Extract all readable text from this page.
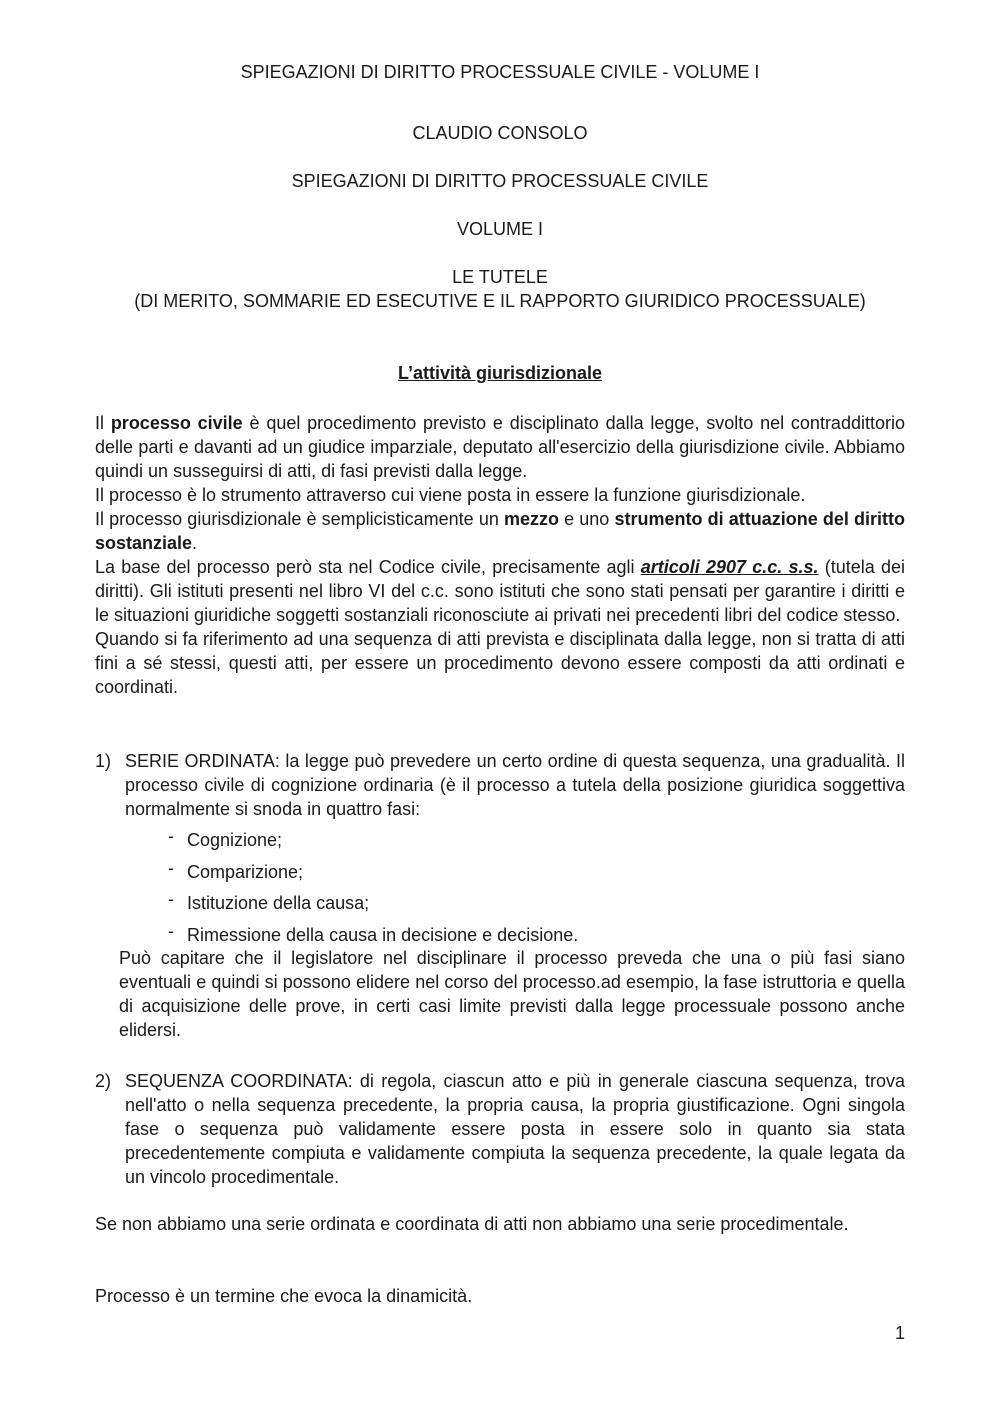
SPIEGAZIONI DI DIRITTO PROCESSUALE CIVILE - VOLUME I
CLAUDIO CONSOLO
SPIEGAZIONI DI DIRITTO PROCESSUALE CIVILE
VOLUME I
LE TUTELE
(DI MERITO, SOMMARIE ED ESECUTIVE E IL RAPPORTO GIURIDICO PROCESSUALE)
L’attività giurisdizionale

Il processo civile è quel procedimento previsto e disciplinato dalla legge, svolto nel contraddittorio delle parti e davanti ad un giudice imparziale, deputato all'esercizio della giurisdizione civile. Abbiamo quindi un susseguirsi di atti, di fasi previsti dalla legge.

Il processo è lo strumento attraverso cui viene posta in essere la funzione giurisdizionale.

Il processo giurisdizionale è semplicisticamente un mezzo e uno strumento di attuazione del diritto sostanziale.

La base del processo però sta nel Codice civile, precisamente agli articoli 2907 c.c. s.s. (tutela dei diritti). Gli istituti presenti nel libro VI del c.c. sono istituti che sono stati pensati per garantire i diritti e le situazioni giuridiche soggetti sostanziali riconosciute ai privati nei precedenti libri del codice stesso.

Quando si fa riferimento ad una sequenza di atti prevista e disciplinata dalla legge, non si tratta di atti fini a sé stessi, questi atti, per essere un procedimento devono essere composti da atti ordinati e coordinati.

1) SERIE ORDINATA: la legge può prevedere un certo ordine di questa sequenza, una gradualità. Il processo civile di cognizione ordinaria (è il processo a tutela della posizione giuridica soggettiva normalmente si snoda in quattro fasi:

- Cognizione;
- Comparizione;
- Istituzione della causa;
- Rimessione della causa in decisione e decisione.

Può capitare che il legislatore nel disciplinare il processo preveda che una o più fasi siano eventuali e quindi si possono elidere nel corso del processo.ad esempio, la fase istruttoria e quella di acquisizione delle prove, in certi casi limite previsti dalla legge processuale possono anche elidersi.

2) SEQUENZA COORDINATA: di regola, ciascun atto e più in generale ciascuna sequenza, trova nell'atto o nella sequenza precedente, la propria causa, la propria giustificazione. Ogni singola fase o sequenza può validamente essere posta in essere solo in quanto sia stata precedentemente compiuta e validamente compiuta la sequenza precedente, la quale legata da un vincolo procedimentale.

Se non abbiamo una serie ordinata e coordinata di atti non abbiamo una serie procedimentale.

Processo è un termine che evoca la dinamicità.

1
